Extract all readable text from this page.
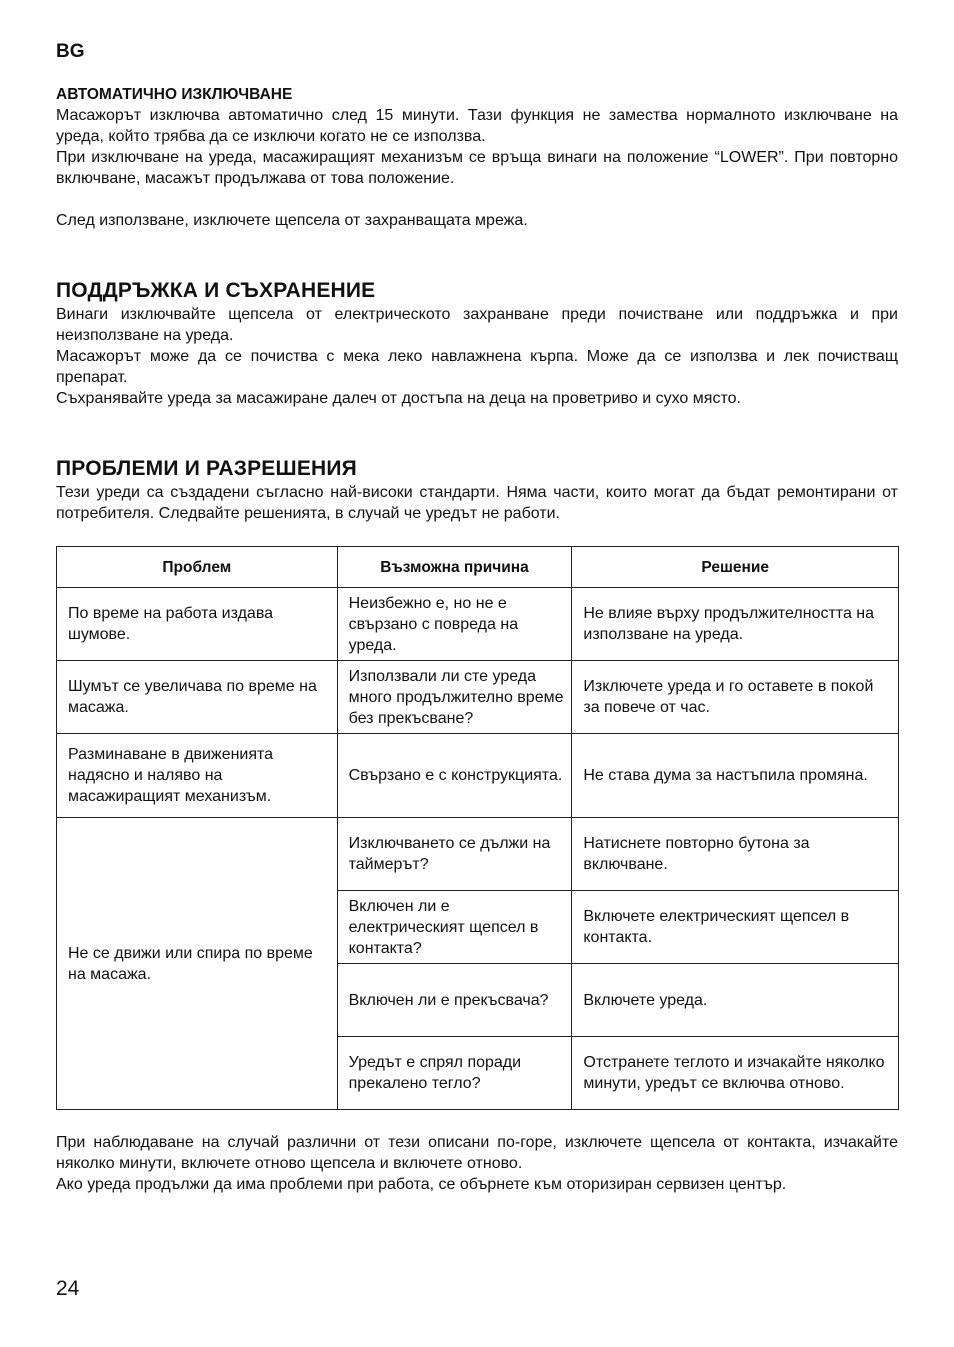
BG
АВТОМАТИЧНО ИЗКЛЮЧВАНЕ

Масажорът изключва автоматично след 15 минути. Тази функция не замества нормалното изключване на уреда, който трябва да се изключи когато не се използва.

При изключване на уреда, масажиращият механизъм се връща винаги на положение “LOWER”. При повторно включване, масажът продължава от това положение.

След използване, изключете щепсела от захранващата мрежа.

ПОДДРЪЖКА И СЪХРАНЕНИЕ

Винаги изключвайте щепсела от електрическото захранване преди почистване или поддръжка и при неизползване на уреда.

Масажорът може да се почиства с мека леко навлажнена кърпа. Може да се използва и лек почистващ препарат.

Съхранявайте уреда за масажиране далеч от достъпа на деца на проветриво и сухо място.

ПРОБЛЕМИ И РАЗРЕШЕНИЯ

Тези уреди са създадени съгласно най-високи стандарти. Няма части, които могат да бъдат ремонтирани от потребителя. Следвайте решенията, в случай че уредът не работи.

Проблем	Възможна причина	Решение
По време на работа издава шумове.	Неизбежно е, но не е свързано с повреда на уреда.	Не влияе върху продължителността на използване на уреда.
Шумът се увеличава по време на масажа.	Използвали ли сте уреда много продължително време без прекъсване?	Изключете уреда и го оставете в покой за повече от час.
Разминаване в движенията надясно и наляво на масажиращият механизъм.	Свързано е с конструкцията.	Не става дума за настъпила промяна.
Не се движи или спира по време на масажа.	Изключването се дължи на таймерът?	Натиснете повторно бутона за включване.
	Включен ли е електрическият щепсел в контакта?	Включете електрическият щепсел в контакта.
	Включен ли е прекъсвача?	Включете уреда.
	Уредът е спрял поради прекалено тегло?	Отстранете теглото и изчакайте няколко минути, уредът се включва отново.

При наблюдаване на случай различни от тези описани по-горе, изключете щепсела от контакта, изчакайте няколко минути, включете отново щепсела и включете отново.

Ако уреда продължи да има проблеми при работа, се обърнете към оторизиран сервизен център.

24
